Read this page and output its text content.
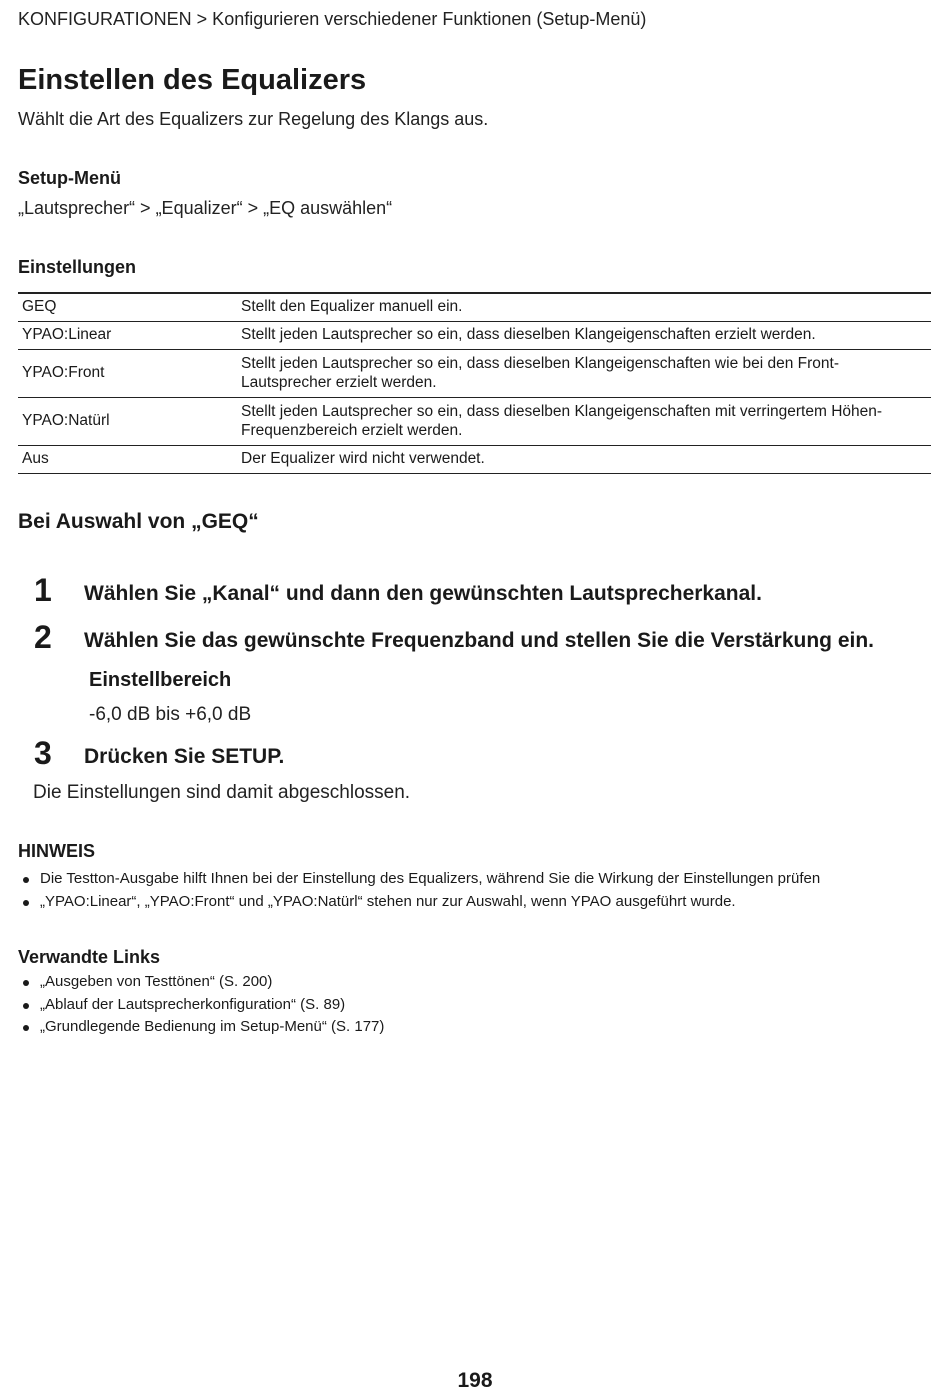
KONFIGURATIONEN > Konfigurieren verschiedener Funktionen (Setup-Menü)
Einstellen des Equalizers

Wählt die Art des Equalizers zur Regelung des Klangs aus.

Setup-Menü

„Lautsprecher“ > „Equalizer“ > „EQ auswählen“

Einstellungen
GEQ	Stellt den Equalizer manuell ein.
YPAO:Linear	Stellt jeden Lautsprecher so ein, dass dieselben Klangeigenschaften erzielt werden.
YPAO:Front	Stellt jeden Lautsprecher so ein, dass dieselben Klangeigenschaften wie bei den Front-
Lautsprecher erzielt werden.
YPAO:Natürl	Stellt jeden Lautsprecher so ein, dass dieselben Klangeigenschaften mit verringertem Höhen-
Frequenzbereich erzielt werden.
Aus	Der Equalizer wird nicht verwendet.
Bei Auswahl von „GEQ“
1 Wählen Sie „Kanal“ und dann den gewünschten Lautsprecherkanal.
2 Wählen Sie das gewünschte Frequenzband und stellen Sie die Verstärkung ein.
Einstellbereich
-6,0 dB bis +6,0 dB
3 Drücken Sie SETUP.

Die Einstellungen sind damit abgeschlossen.

HINWEIS
Die Testton-Ausgabe hilft Ihnen bei der Einstellung des Equalizers, während Sie die Wirkung der Einstellungen prüfen
„YPAO:Linear“, „YPAO:Front“ und „YPAO:Natürl“ stehen nur zur Auswahl, wenn YPAO ausgeführt wurde.
Verwandte Links
„Ausgeben von Testtönen“ (S. 200)
„Ablauf der Lautsprecherkonfiguration“ (S. 89)
„Grundlegende Bedienung im Setup-Menü“ (S. 177)
198
